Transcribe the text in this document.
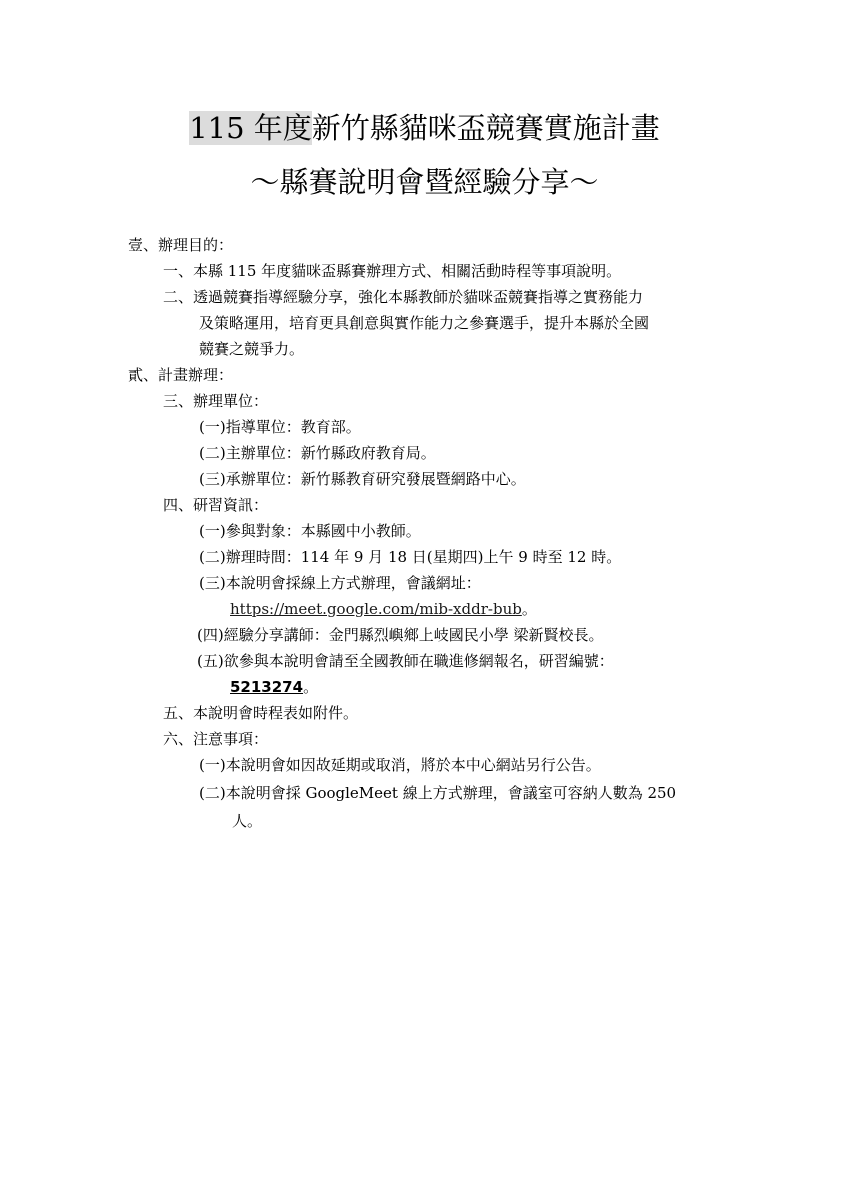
115 年度新竹縣貓咪盃競賽實施計畫
～縣賽說明會暨經驗分享～
壹、辦理目的：
一、本縣 115 年度貓咪盃縣賽辦理方式、相關活動時程等事項說明。
二、透過競賽指導經驗分享，強化本縣教師於貓咪盃競賽指導之實務能力
及策略運用，培育更具創意與實作能力之參賽選手，提升本縣於全國
競賽之競爭力。
貳、計畫辦理：
三、辦理單位：
(一)指導單位：教育部。
(二)主辦單位：新竹縣政府教育局。
(三)承辦單位：新竹縣教育研究發展暨網路中心。
四、研習資訊：
(一)參與對象：本縣國中小教師。
(二)辦理時間：114 年 9 月 18 日(星期四)上午 9 時至 12 時。
(三)本說明會採線上方式辦理，會議網址：
https://meet.google.com/mib-xddr-bub。
(四)經驗分享講師：金門縣烈嶼鄉上岐國民小學 梁新賢校長。
(五)欲參與本說明會請至全國教師在職進修網報名，研習編號：
5213274。
五、本說明會時程表如附件。
六、注意事項：
(一)本說明會如因故延期或取消，將於本中心網站另行公告。
(二)本說明會採 GoogleMeet 線上方式辦理，會議室可容納人數為 250
人。
